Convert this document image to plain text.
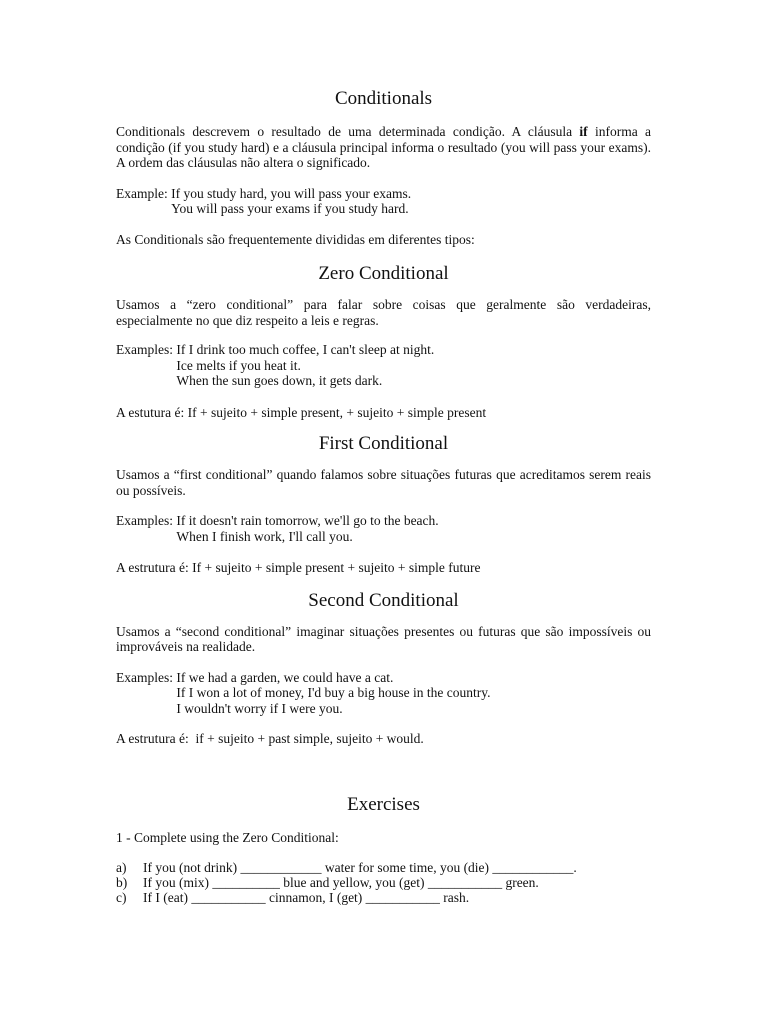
Conditionals

Conditionals descrevem o resultado de uma determinada condição. A cláusula if informa a condição (if you study hard) e a cláusula principal informa o resultado (you will pass your exams). A ordem das cláusulas não altera o significado.

Example: If you study hard, you will pass your exams.
You will pass your exams if you study hard.

As Conditionals são frequentemente divididas em diferentes tipos:

Zero Conditional

Usamos a “zero conditional” para falar sobre coisas que geralmente são verdadeiras, especialmente no que diz respeito a leis e regras.

Examples: If I drink too much coffee, I can't sleep at night.
Ice melts if you heat it.
When the sun goes down, it gets dark.

A estutura é: If + sujeito + simple present, + sujeito + simple present

First Conditional

Usamos a “first conditional” quando falamos sobre situações futuras que acreditamos serem reais ou possíveis.

Examples: If it doesn't rain tomorrow, we'll go to the beach.
When I finish work, I'll call you.

A estrutura é: If + sujeito + simple present + sujeito + simple future

Second Conditional

Usamos a “second conditional” imaginar situações presentes ou futuras que são impossíveis ou improváveis na realidade.

Examples: If we had a garden, we could have a cat.
If I won a lot of money, I'd buy a big house in the country.
I wouldn't worry if I were you.

A estrutura é:  if + sujeito + past simple, sujeito + would.

Exercises

1 - Complete using the Zero Conditional:

a)	If you (not drink) ____________ water for some time, you (die) ____________.
b)	If you (mix) __________ blue and yellow, you (get) ___________ green.
c)	If I (eat) ___________ cinnamon, I (get) ___________ rash.
